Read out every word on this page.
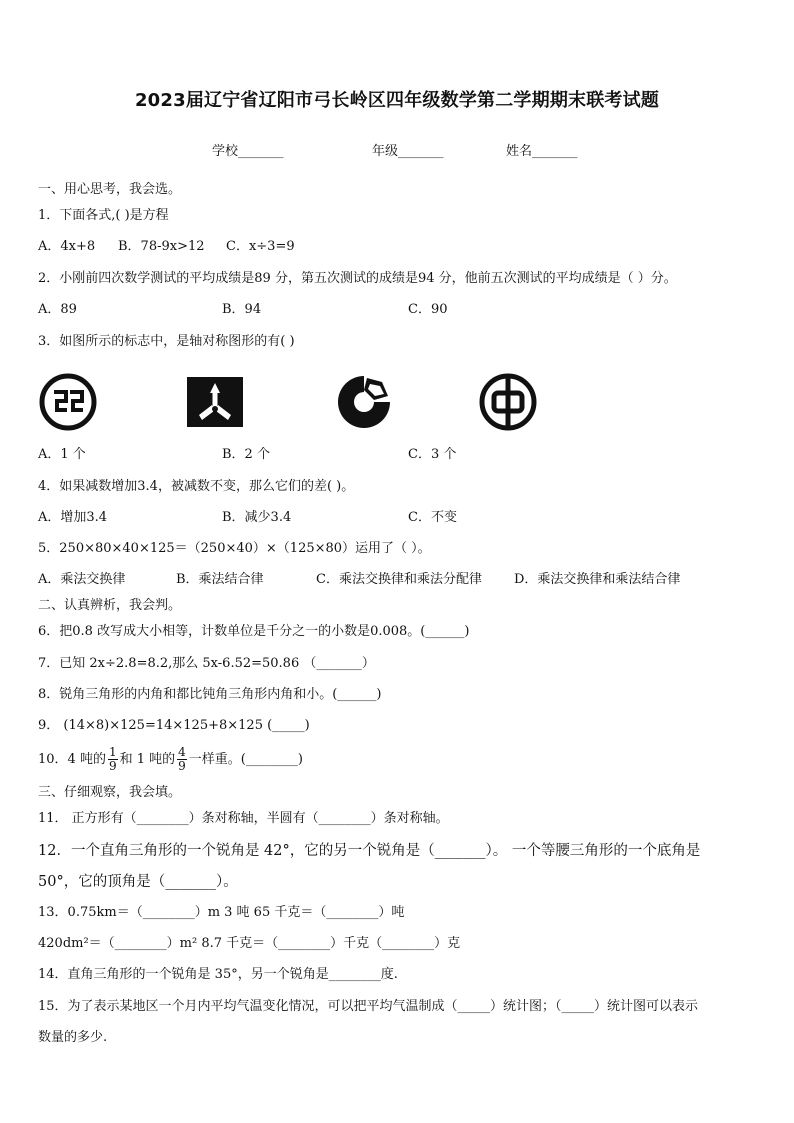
2023届辽宁省辽阳市弓长岭区四年级数学第二学期期末联考试题
学校_______	年级_______	姓名_______
一、用心思考，我会选。
1．下面各式,( )是方程
A．4x+8 B．78-9x>12 C．x÷3=9
2．小刚前四次数学测试的平均成绩是89 分，第五次测试的成绩是94 分，他前五次测试的平均成绩是（ ）分。
A．89	B．94	C．90
3．如图所示的标志中，是轴对称图形的有( )
A．1 个	B．2 个	C．3 个
4．如果减数增加3.4，被减数不变，那么它们的差( )。
A．增加3.4	B．减少3.4	C．不变
5．250×80×40×125＝（250×40）×（125×80）运用了（ ）。
A．乘法交换律	B．乘法结合律	C．乘法交换律和乘法分配律 D．乘法交换律和乘法结合律
二、认真辨析，我会判。
6．把0.8 改写成大小相等，计数单位是千分之一的小数是0.008。(______)
7．已知 2x÷2.8=8.2,那么 5x-6.52=50.86 （_______）
8．锐角三角形的内角和都比钝角三角形内角和小。(______)
9． (14×8)×125=14×125+8×125 (_____)
10．4 吨的 $\frac{1}{9}$ 和 1 吨的 $\frac{4}{9}$ 一样重。(________)
三、仔细观察，我会填。
11． 正方形有（________）条对称轴，半圆有（________）条对称轴。
12．一个直角三角形的一个锐角是 42°，它的另一个锐角是（_______）。 一个等腰三角形的一个底角是
50°，它的顶角是（_______）。
13．0.75km＝（________）m 3 吨 65 千克＝（________）吨
420dm²＝（________）m² 8.7 千克＝（________）千克（________）克
14．直角三角形的一个锐角是 35°，另一个锐角是________度.
15．为了表示某地区一个月内平均气温变化情况，可以把平均气温制成（_____）统计图；（_____）统计图可以表示
数量的多少.
